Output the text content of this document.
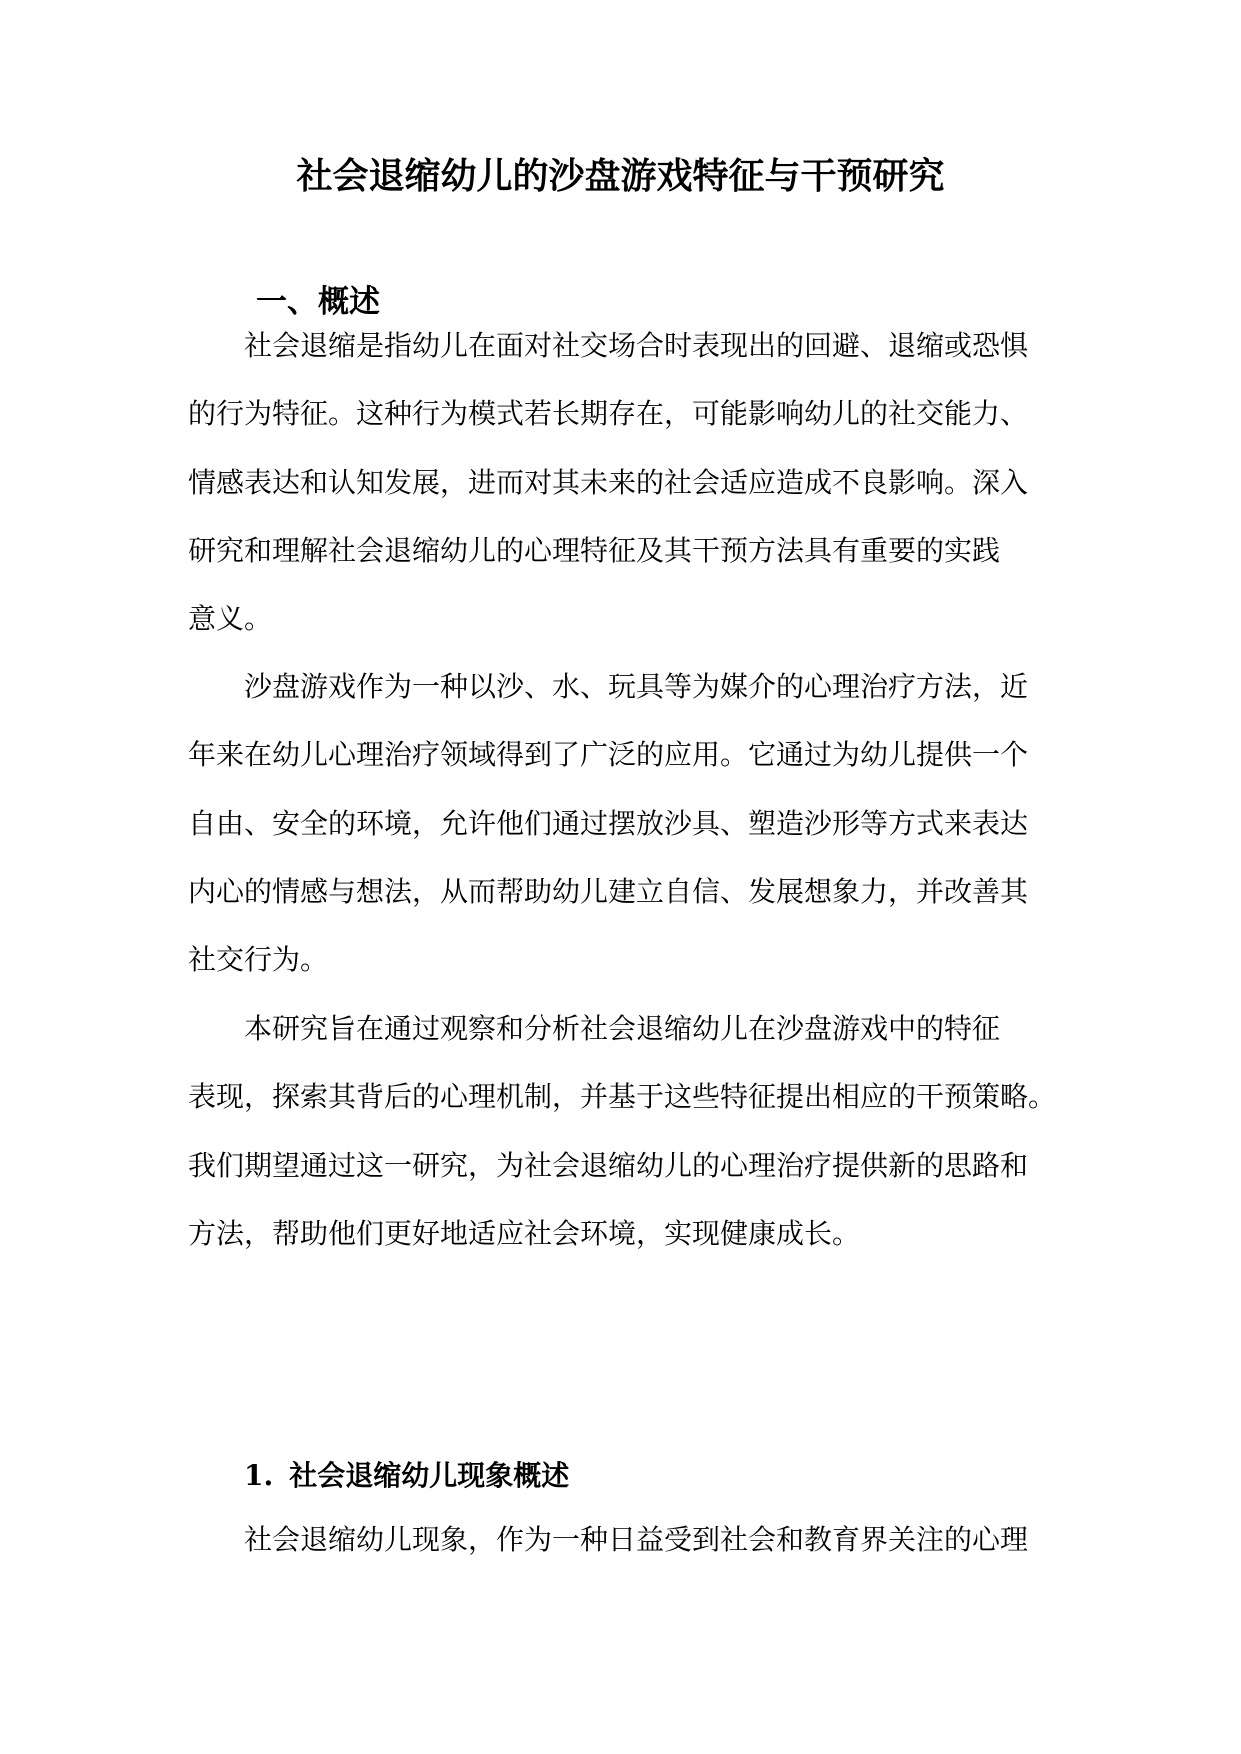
社会退缩幼儿的沙盘游戏特征与干预研究
一、概述

社会退缩是指幼儿在面对社交场合时表现出的回避、退缩或恐惧
的行为特征。这种行为模式若长期存在，可能影响幼儿的社交能力、
情感表达和认知发展，进而对其未来的社会适应造成不良影响。深入
研究和理解社会退缩幼儿的心理特征及其干预方法具有重要的实践
意义。

沙盘游戏作为一种以沙、水、玩具等为媒介的心理治疗方法，近
年来在幼儿心理治疗领域得到了广泛的应用。它通过为幼儿提供一个
自由、安全的环境，允许他们通过摆放沙具、塑造沙形等方式来表达
内心的情感与想法，从而帮助幼儿建立自信、发展想象力，并改善其
社交行为。

本研究旨在通过观察和分析社会退缩幼儿在沙盘游戏中的特征
表现，探索其背后的心理机制，并基于这些特征提出相应的干预策略。
我们期望通过这一研究，为社会退缩幼儿的心理治疗提供新的思路和
方法，帮助他们更好地适应社会环境，实现健康成长。

1. 社会退缩幼儿现象概述

社会退缩幼儿现象，作为一种日益受到社会和教育界关注的心理
